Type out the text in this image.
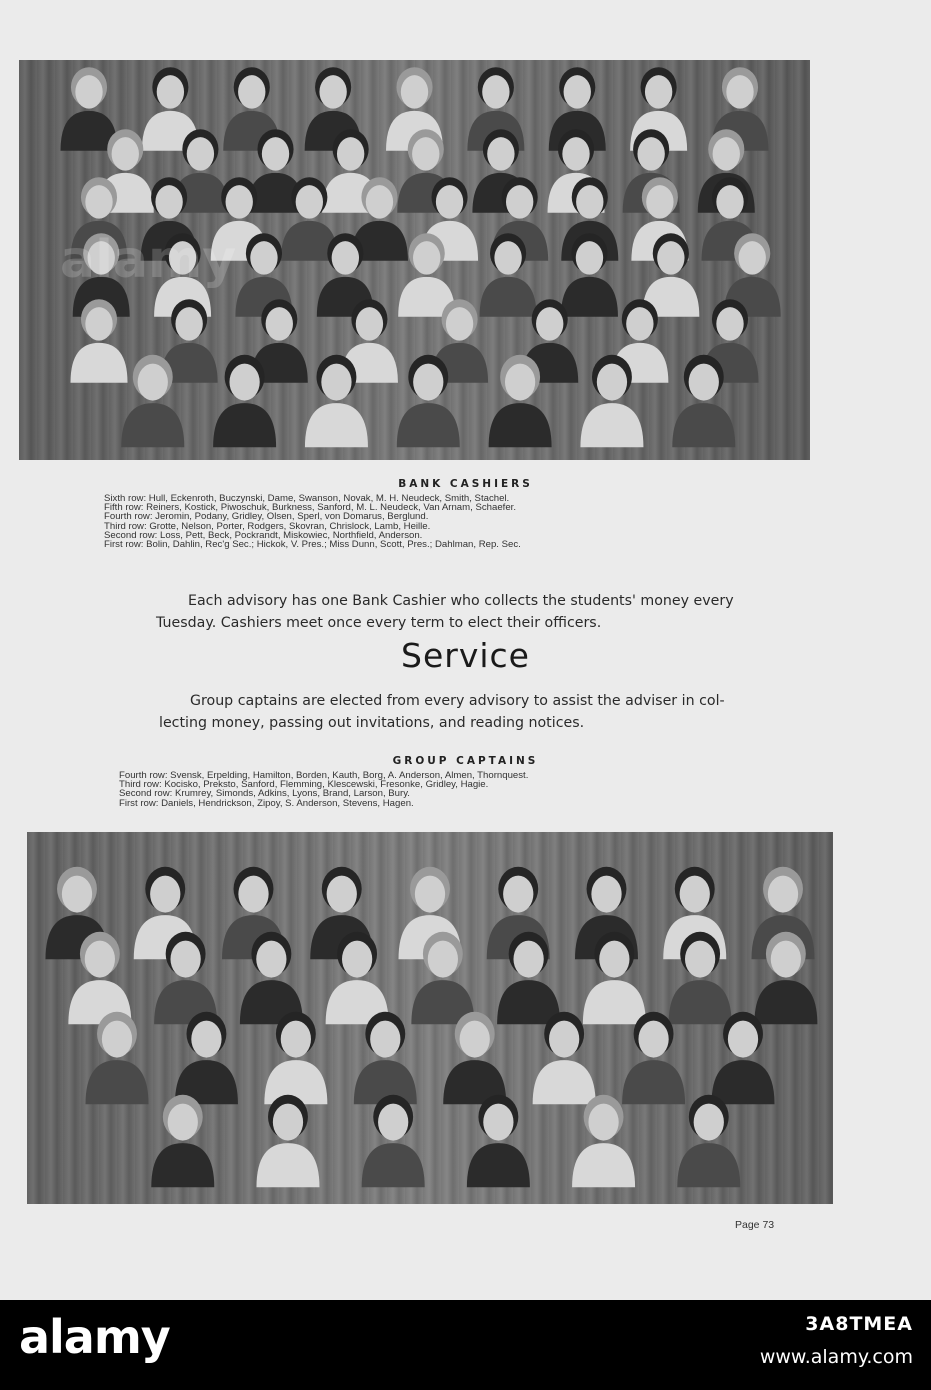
BANK CASHIERS
Sixth row: Hull, Eckenroth, Buczynski, Dame, Swanson, Novak, M. H. Neudeck, Smith, Stachel.
Fifth row: Reiners, Kostick, Piwoschuk, Burkness, Sanford, M. L. Neudeck, Van Arnam, Schaefer.
Fourth row: Jeromin, Podany, Gridley, Olsen, Sperl, von Domarus, Berglund.
Third row: Grotte, Nelson, Porter, Rodgers, Skovran, Chrislock, Lamb, Heille.
Second row: Loss, Pett, Beck, Pockrandt, Miskowiec, Northfield, Anderson.
First row: Bolin, Dahlin, Rec'g Sec.; Hickok, V. Pres.; Miss Dunn, Scott, Pres.; Dahlman, Rep. Sec.
Each advisory has one Bank Cashier who collects the students' money every
Tuesday. Cashiers meet once every term to elect their officers.
Service
Group captains are elected from every advisory to assist the adviser in col-
lecting money, passing out invitations, and reading notices.
GROUP CAPTAINS
Fourth row: Svensk, Erpelding, Hamilton, Borden, Kauth, Borg, A. Anderson, Almen, Thornquest.
Third row: Kocisko, Preksto, Sanford, Flemming, Klescewski, Fresonke, Gridley, Hagie.
Second row: Krumrey, Simonds, Adkins, Lyons, Brand, Larson, Bury.
First row: Daniels, Hendrickson, Zipoy, S. Anderson, Stevens, Hagen.
alamy
Page 73
alamy	3A8TMEA
www.alamy.com
